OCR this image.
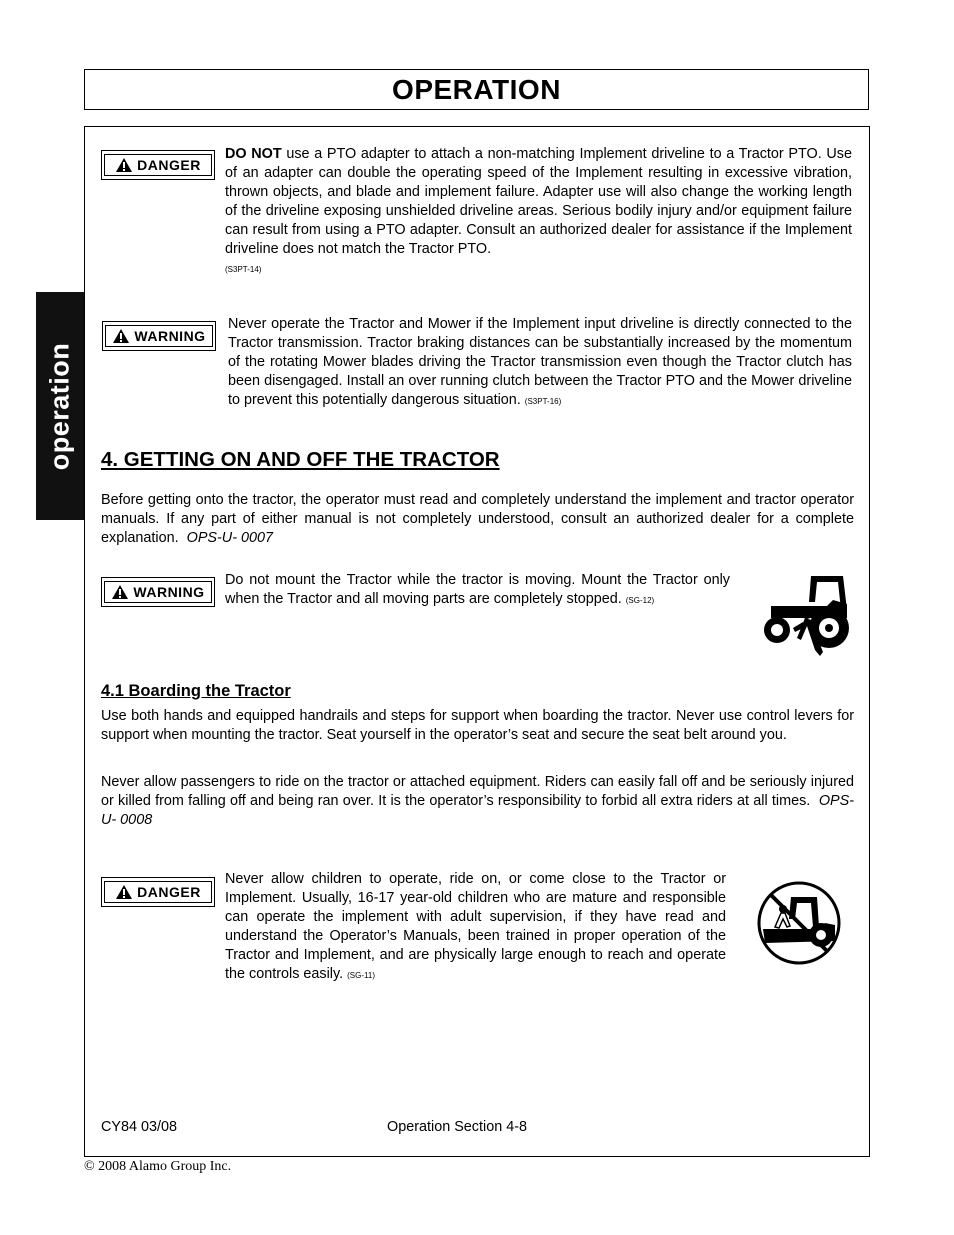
OPERATION
operation
DANGER
DO NOT use a PTO adapter to attach a non-matching Implement driveline to a Tractor PTO. Use of an adapter can double the operating speed of the Implement resulting in excessive vibration, thrown objects, and blade and implement failure. Adapter use will also change the working length of the driveline exposing unshielded driveline areas. Serious bodily injury and/or equipment failure can result from using a PTO adapter. Consult an authorized dealer for assistance if the Implement driveline does not match the Tractor PTO.
(S3PT-14)
WARNING
Never operate the Tractor and Mower if the Implement input driveline is directly connected to the Tractor transmission. Tractor braking distances can be substantially increased by the momentum of the rotating Mower blades driving the Tractor transmission even though the Tractor clutch has been disengaged. Install an over running clutch between the Tractor PTO and the Mower driveline to prevent this potentially dangerous situation. (S3PT-16)
4. GETTING ON AND OFF THE TRACTOR
Before getting onto the tractor, the operator must read and completely understand the implement and tractor operator manuals. If any part of either manual is not completely understood, consult an authorized dealer for a complete explanation. OPS-U- 0007
WARNING
Do not mount the Tractor while the tractor is moving. Mount the Tractor only when the Tractor and all moving parts are completely stopped. (SG-12)
4.1 Boarding the Tractor
Use both hands and equipped handrails and steps for support when boarding the tractor. Never use control levers for support when mounting the tractor. Seat yourself in the operator’s seat and secure the seat belt around you.
Never allow passengers to ride on the tractor or attached equipment. Riders can easily fall off and be seriously injured or killed from falling off and being ran over. It is the operator’s responsibility to forbid all extra riders at all times. OPS-U- 0008
DANGER
Never allow children to operate, ride on, or come close to the Tractor or Implement. Usually, 16-17 year-old children who are mature and responsible can operate the implement with adult supervision, if they have read and understand the Operator’s Manuals, been trained in proper operation of the Tractor and Implement, and are physically large enough to reach and operate the controls easily. (SG-11)
CY84 03/08	Operation Section 4-8
© 2008 Alamo Group Inc.
